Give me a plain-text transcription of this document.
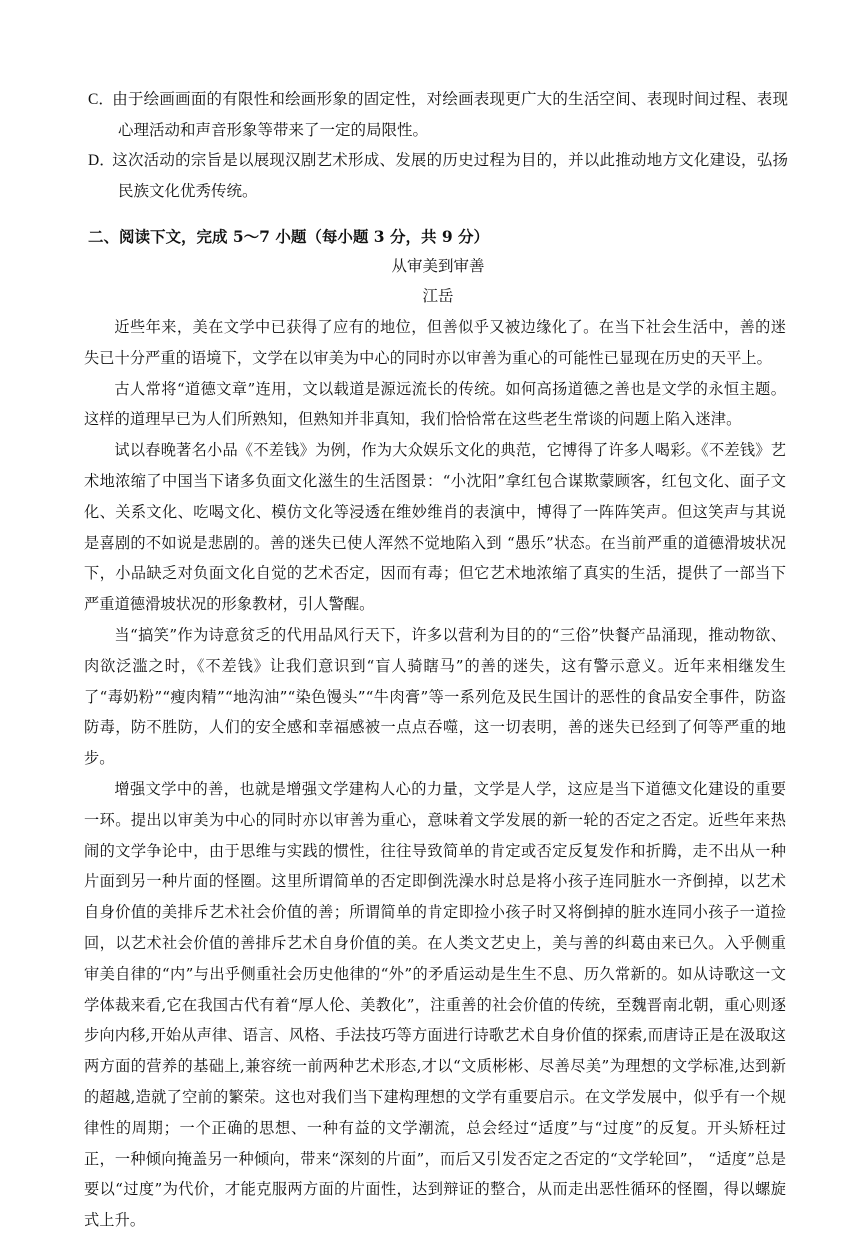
C．由于绘画画面的有限性和绘画形象的固定性，对绘画表现更广大的生活空间、表现时间过程、表现心理活动和声音形象等带来了一定的局限性。

D．这次活动的宗旨是以展现汉剧艺术形成、发展的历史过程为目的，并以此推动地方文化建设，弘扬民族文化优秀传统。

二、阅读下文，完成 5～7 小题（每小题 3 分，共 9 分）

从审美到审善

江岳

近些年来，美在文学中已获得了应有的地位，但善似乎又被边缘化了。在当下社会生活中，善的迷失已十分严重的语境下，文学在以审美为中心的同时亦以审善为重心的可能性已显现在历史的天平上。

古人常将“道德文章”连用，文以载道是源远流长的传统。如何高扬道德之善也是文学的永恒主题。这样的道理早已为人们所熟知，但熟知并非真知，我们恰恰常在这些老生常谈的问题上陷入迷津。

试以春晚著名小品《不差钱》为例，作为大众娱乐文化的典范，它博得了许多人喝彩。《不差钱》艺术地浓缩了中国当下诸多负面文化滋生的生活图景：“小沈阳”拿红包合谋欺蒙顾客，红包文化、面子文化、关系文化、吃喝文化、模仿文化等浸透在维妙维肖的表演中，博得了一阵阵笑声。但这笑声与其说是喜剧的不如说是悲剧的。善的迷失已使人浑然不觉地陷入到 “愚乐”状态。在当前严重的道德滑坡状况下，小品缺乏对负面文化自觉的艺术否定，因而有毒；但它艺术地浓缩了真实的生活，提供了一部当下严重道德滑坡状况的形象教材，引人警醒。

当“搞笑”作为诗意贫乏的代用品风行天下，许多以营利为目的的“三俗”快餐产品涌现，推动物欲、肉欲泛滥之时，《不差钱》让我们意识到“盲人骑瞎马”的善的迷失，这有警示意义。近年来相继发生了“毒奶粉”“瘦肉精”“地沟油”“染色馒头”“牛肉膏”等一系列危及民生国计的恶性的食品安全事件，防盗防毒，防不胜防，人们的安全感和幸福感被一点点吞噬，这一切表明，善的迷失已经到了何等严重的地步。

增强文学中的善，也就是增强文学建构人心的力量，文学是人学，这应是当下道德文化建设的重要一环。提出以审美为中心的同时亦以审善为重心，意味着文学发展的新一轮的否定之否定。近些年来热闹的文学争论中，由于思维与实践的惯性，往往导致简单的肯定或否定反复发作和折腾，走不出从一种片面到另一种片面的怪圈。这里所谓简单的否定即倒洗澡水时总是将小孩子连同脏水一齐倒掉，以艺术自身价值的美排斥艺术社会价值的善；所谓简单的肯定即捡小孩子时又将倒掉的脏水连同小孩子一道捡回，以艺术社会价值的善排斥艺术自身价值的美。在人类文艺史上，美与善的纠葛由来已久。入乎侧重审美自律的“内”与出乎侧重社会历史他律的“外”的矛盾运动是生生不息、历久常新的。如从诗歌这一文学体裁来看,它在我国古代有着“厚人伦、美教化”，注重善的社会价值的传统，至魏晋南北朝，重心则逐步向内移,开始从声律、语言、风格、手法技巧等方面进行诗歌艺术自身价值的探索,而唐诗正是在汲取这两方面的营养的基础上,兼容统一前两种艺术形态,才以“文质彬彬、尽善尽美”为理想的文学标准,达到新的超越,造就了空前的繁荣。这也对我们当下建构理想的文学有重要启示。在文学发展中，似乎有一个规律性的周期；一个正确的思想、一种有益的文学潮流，总会经过“适度”与“过度”的反复。开头矫枉过正，一种倾向掩盖另一种倾向，带来“深刻的片面”，而后又引发否定之否定的“文学轮回”， “适度”总是要以“过度”为代价，才能克服两方面的片面性，达到辩证的整合，从而走出恶性循环的怪圈，得以螺旋式上升。
